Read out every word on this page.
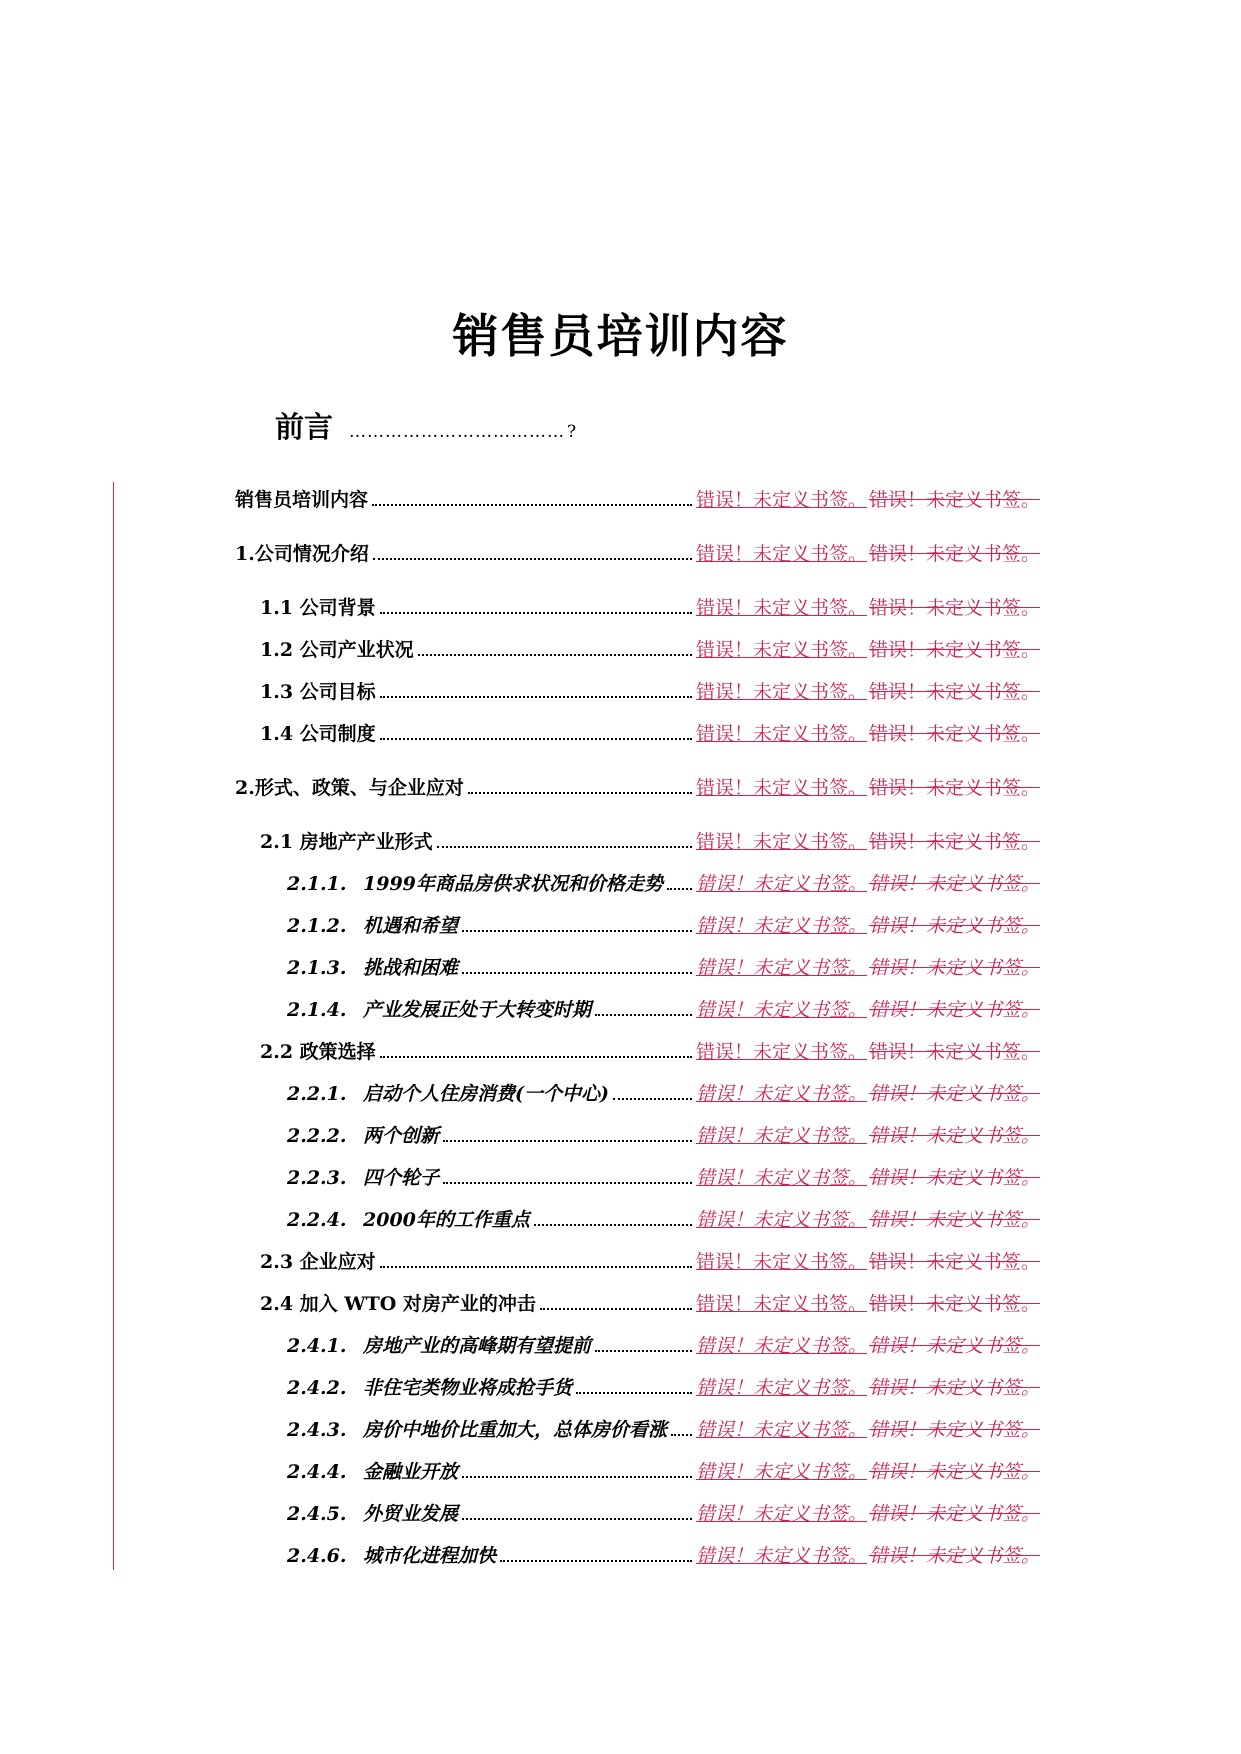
销售员培训内容
前言 ……………………………… ?
销售员培训内容	错误！未定义书签。 错误！未定义书签。
1.公司情况介绍	错误！未定义书签。 错误！未定义书签。
1.1 公司背景	错误！未定义书签。 错误！未定义书签。
1.2 公司产业状况	错误！未定义书签。 错误！未定义书签。
1.3 公司目标	错误！未定义书签。 错误！未定义书签。
1.4 公司制度	错误！未定义书签。 错误！未定义书签。
2.形式、政策、与企业应对	错误！未定义书签。 错误！未定义书签。
2.1 房地产产业形式	错误！未定义书签。 错误！未定义书签。
2.1.1. 1999年商品房供求状况和价格走势 错误！未定义书签。 错误！未定义书签。
2.1.2. 机遇和希望	错误！未定义书签。 错误！未定义书签。
2.1.3. 挑战和困难	错误！未定义书签。 错误！未定义书签。
2.1.4. 产业发展正处于大转变时期	错误！未定义书签。 错误！未定义书签。
2.2 政策选择	错误！未定义书签。 错误！未定义书签。
2.2.1. 启动个人住房消费(一个中心)	错误！未定义书签。 错误！未定义书签。
2.2.2. 两个创新	错误！未定义书签。 错误！未定义书签。
2.2.3. 四个轮子	错误！未定义书签。 错误！未定义书签。
2.2.4. 2000年的工作重点	错误！未定义书签。 错误！未定义书签。
2.3 企业应对	错误！未定义书签。 错误！未定义书签。
2.4 加入 WTO 对房产业的冲击	错误！未定义书签。 错误！未定义书签。
2.4.1. 房地产业的高峰期有望提前	错误！未定义书签。 错误！未定义书签。
2.4.2. 非住宅类物业将成抢手货	错误！未定义书签。 错误！未定义书签。
2.4.3. 房价中地价比重加大，总体房价看涨 错误！未定义书签。 错误！未定义书签。
2.4.4. 金融业开放	错误！未定义书签。 错误！未定义书签。
2.4.5. 外贸业发展	错误！未定义书签。 错误！未定义书签。
2.4.6. 城市化进程加快	错误！未定义书签。 错误！未定义书签。
